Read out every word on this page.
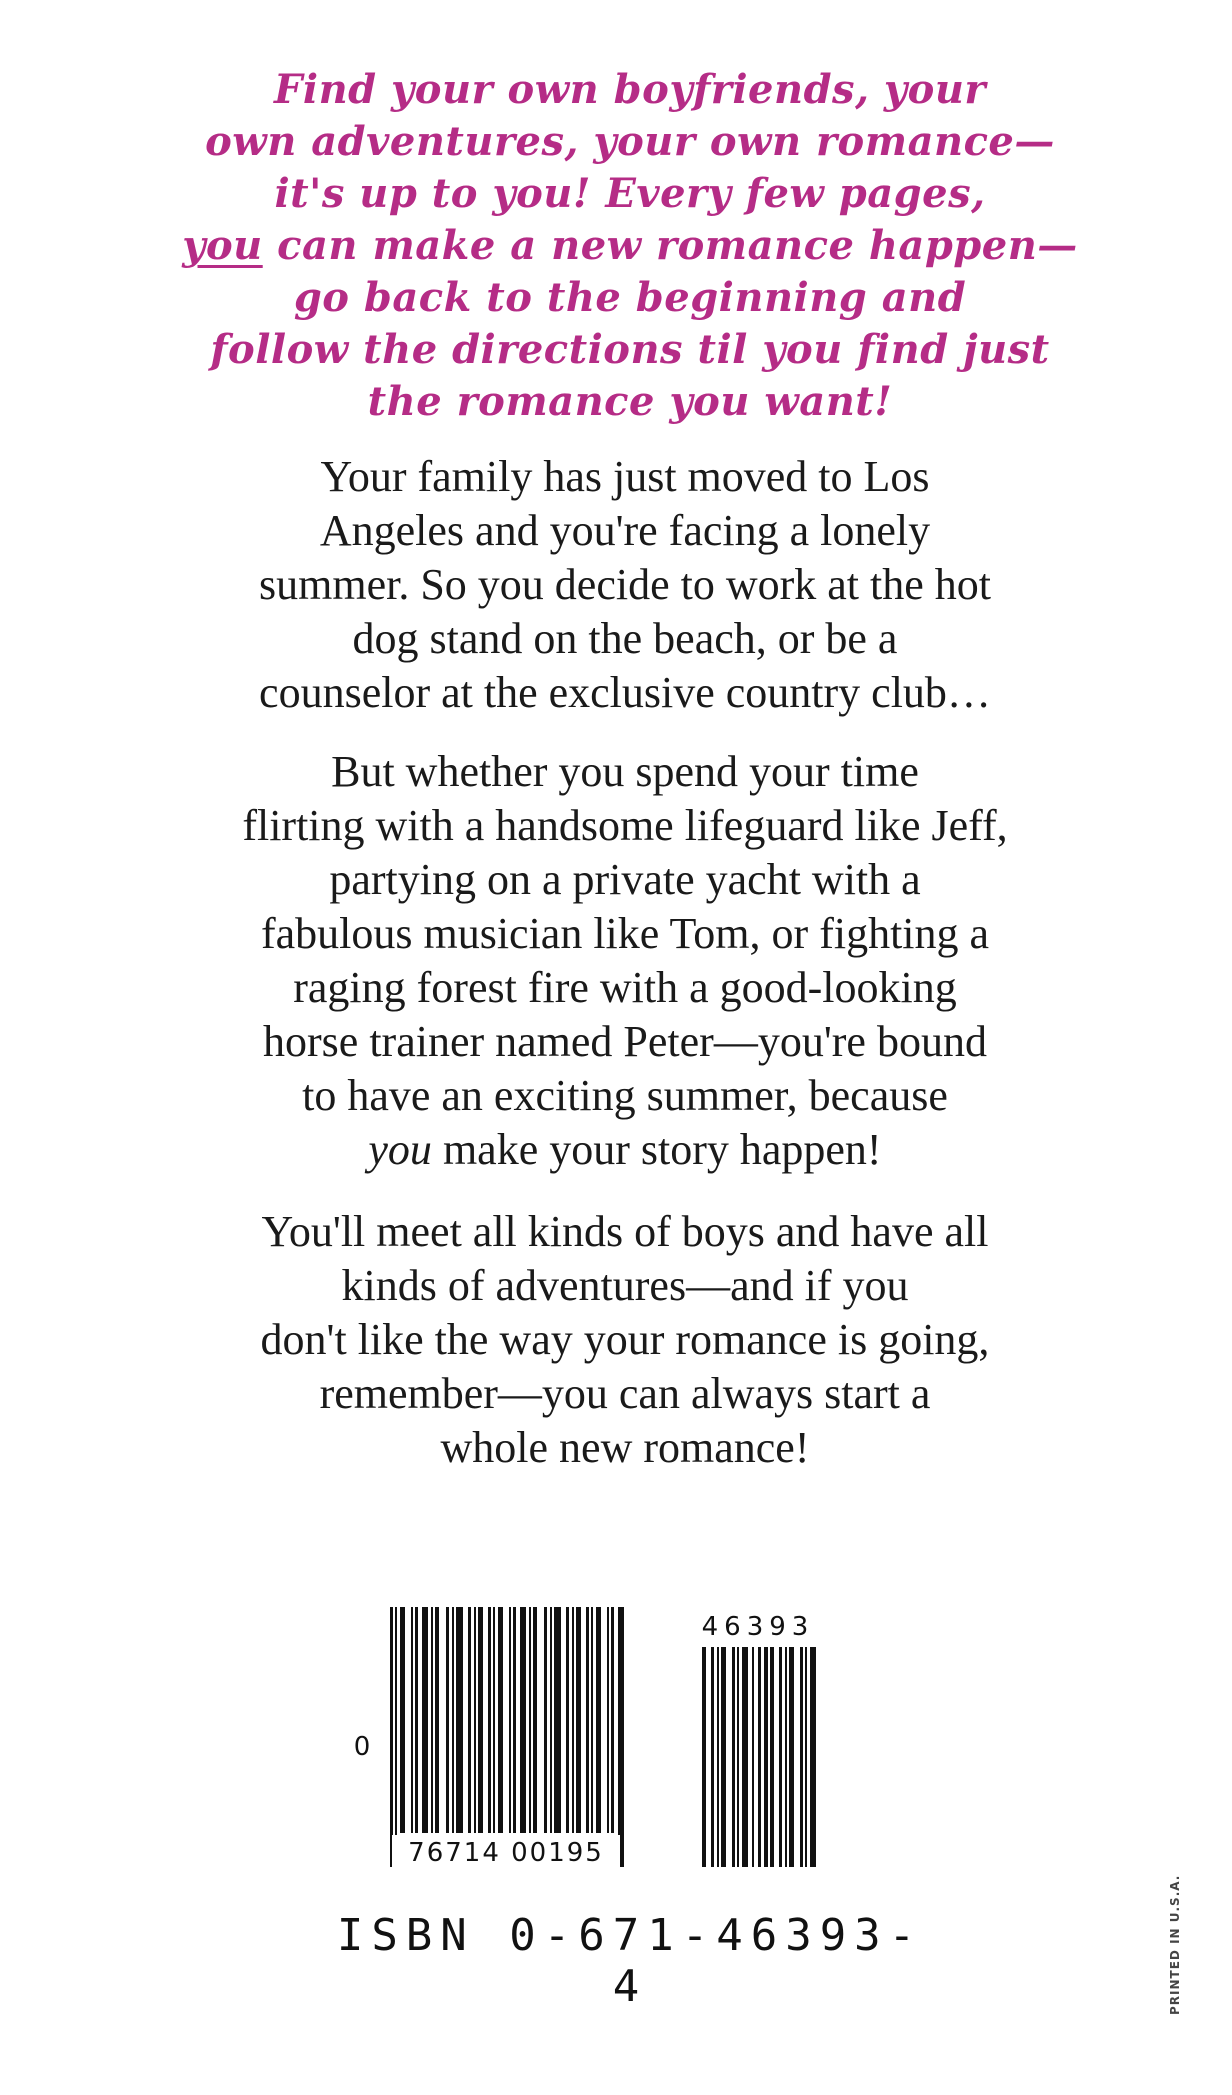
Find your own boyfriends, your
own adventures, your own romance—
it's up to you! Every few pages,
you can make a new romance happen—
go back to the beginning and
follow the directions til you find just
the romance you want!

Your family has just moved to Los
Angeles and you're facing a lonely
summer. So you decide to work at the hot
dog stand on the beach, or be a
counselor at the exclusive country club…

But whether you spend your time
flirting with a handsome lifeguard like Jeff,
partying on a private yacht with a
fabulous musician like Tom, or fighting a
raging forest fire with a good-looking
horse trainer named Peter—you're bound
to have an exciting summer, because
you make your story happen!

You'll meet all kinds of boys and have all
kinds of adventures—and if you
don't like the way your romance is going,
remember—you can always start a
whole new romance!

0
76714 00195
46393

ISBN 0-671-46393-4	PRINTED IN U.S.A.
